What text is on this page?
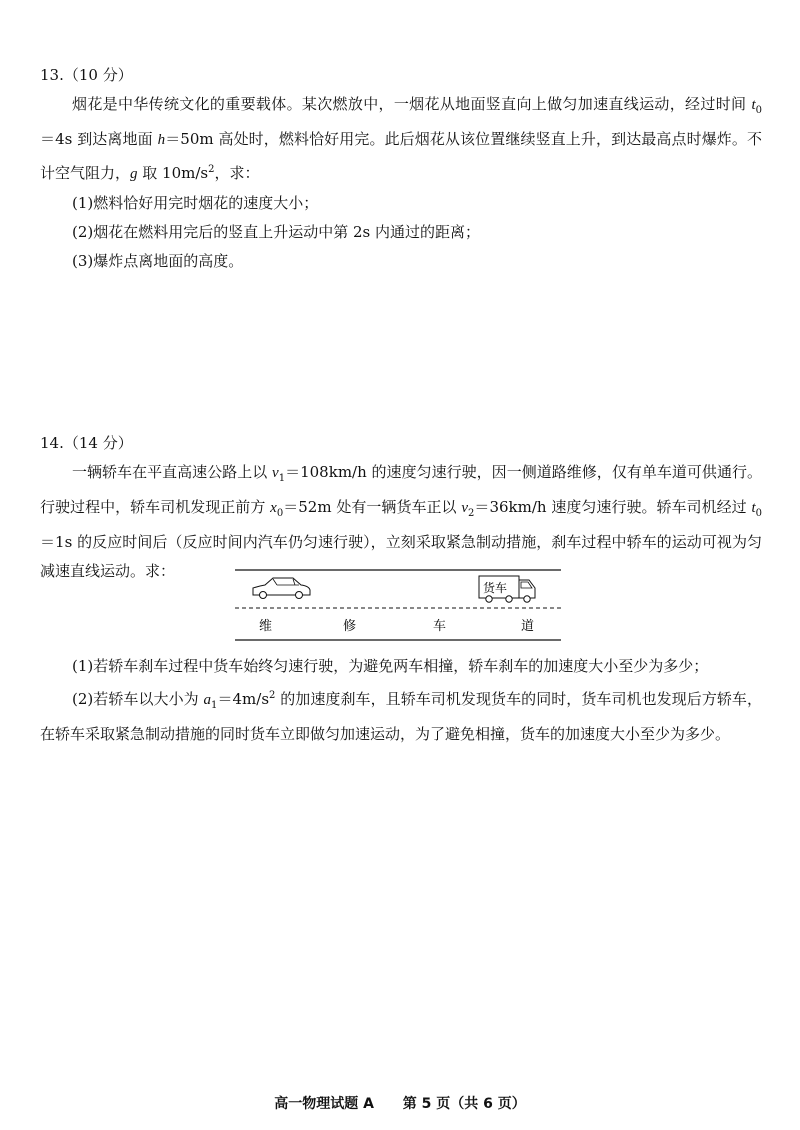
13.（10 分）

烟花是中华传统文化的重要载体。某次燃放中，一烟花从地面竖直向上做匀加速直线运动，经过时间 $t_0=4s$ 到达离地面 h＝50m 高处时，燃料恰好用完。此后烟花从该位置继续竖直上升，到达最高点时爆炸。不计空气阻力，g 取 $10m/s^2$，求：

(1)燃料恰好用完时烟花的速度大小；

(2)烟花在燃料用完后的竖直上升运动中第 2s 内通过的距离；

(3)爆炸点离地面的高度。

14.（14 分）

一辆轿车在平直高速公路上以 $v_1=108km/h$ 的速度匀速行驶，因一侧道路维修，仅有单车道可供通行。行驶过程中，轿车司机发现正前方 $x_0=52m$ 处有一辆货车正以 $v_2=36km/h$ 速度匀速行驶。轿车司机经过 $t_0=1s$ 的反应时间后（反应时间内汽车仍匀速行驶），立刻采取紧急制动措施，刹车过程中轿车的运动可视为匀减速直线运动。求：

货车
维	修	车	道

(1)若轿车刹车过程中货车始终匀速行驶，为避免两车相撞，轿车刹车的加速度大小至少为多少；

(2)若轿车以大小为 $a_1=4m/s^2$ 的加速度刹车，且轿车司机发现货车的同时，货车司机也发现后方轿车，在轿车采取紧急制动措施的同时货车立即做匀加速运动，为了避免相撞，货车的加速度大小至少为多少。

高一物理试题 A 第 5 页（共 6 页）
